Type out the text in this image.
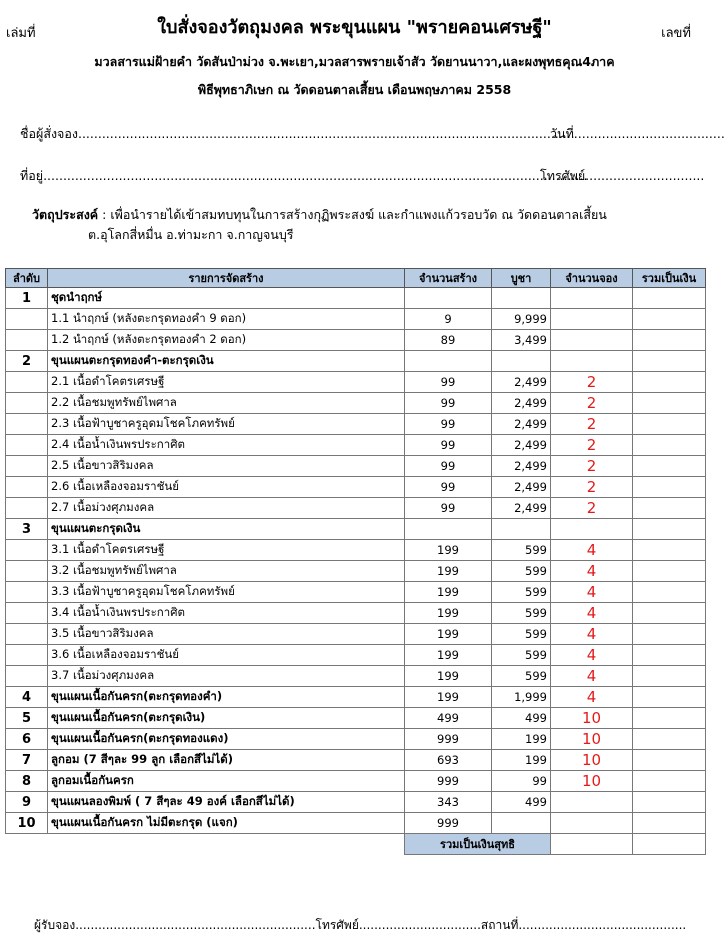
เล่มที่	เลขที่
ใบสั่งจองวัตถุมงคล พระขุนแผน "พรายคอนเศรษฐี"
มวลสารแม่ฝ้ายคำ วัดสันป่าม่วง จ.พะเยา,มวลสารพรายเจ้าสัว วัดยานนาวา,และผงพุทธคุณ4ภาค
พิธีพุทธาภิเษก ณ วัดดอนตาลเสี้ยน เดือนพฤษภาคม 2558
ชื่อผู้สั่งจอง.............................................................................................................................
วันที่......................................
ที่อยู่.........................................................................................................................................
โทรศัพย์..............................
วัตถุประสงค์ : เพื่อนำรายได้เข้าสมทบทุนในการสร้างกุฏิพระสงฆ์ และกำแพงแก้วรอบวัด ณ วัดดอนตาลเสี้ยน
ต.อุโลกสี่หมื่น อ.ท่ามะกา จ.กาญจนบุรี
ลำดับ	รายการจัดสร้าง	จำนวนสร้าง	บูชา	จำนวนจอง	รวมเป็นเงิน
1	ชุดนำฤกษ์				
	1.1 นำฤกษ์ (หลังตะกรุดทองคำ 9 ดอก)	9	9,999		
	1.2 นำฤกษ์ (หลังตะกรุดทองคำ 2 ดอก)	89	3,499		
2	ขุนแผนตะกรุดทองคำ-ตะกรุดเงิน				
	2.1 เนื้อดำโคตรเศรษฐี	99	2,499	2	
	2.2 เนื้อชมพูทรัพย์ไพศาล	99	2,499	2	
	2.3 เนื้อฟ้าบูชาครูอุดมโชคโภคทรัพย์	99	2,499	2	
	2.4 เนื้อน้ำเงินพรประกาศิต	99	2,499	2	
	2.5 เนื้อขาวสิริมงคล	99	2,499	2	
	2.6 เนื้อเหลืองจอมราชันย์	99	2,499	2	
	2.7 เนื้อม่วงศุภมงคล	99	2,499	2	
3	ขุนแผนตะกรุดเงิน				
	3.1 เนื้อดำโคตรเศรษฐี	199	599	4	
	3.2 เนื้อชมพูทรัพย์ไพศาล	199	599	4	
	3.3 เนื้อฟ้าบูชาครูอุดมโชคโภคทรัพย์	199	599	4	
	3.4 เนื้อน้ำเงินพรประกาศิต	199	599	4	
	3.5 เนื้อขาวสิริมงคล	199	599	4	
	3.6 เนื้อเหลืองจอมราชันย์	199	599	4	
	3.7 เนื้อม่วงศุภมงคล	199	599	4	
4	ขุนแผนเนื้อกันครก(ตะกรุดทองคำ)	199	1,999	4	
5	ขุนแผนเนื้อกันครก(ตะกรุดเงิน)	499	499	10	
6	ขุนแผนเนื้อกันครก(ตะกรุดทองแดง)	999	199	10	
7	ลูกอม (7 สีๆละ 99 ลูก เลือกสีไม่ได้)	693	199	10	
8	ลูกอมเนื้อกันครก	999	99	10	
9	ขุนแผนลองพิมพ์ ( 7 สีๆละ 49 องค์ เลือกสีไม่ได้)	343	499		
10	ขุนแผนเนื้อกันครก ไม่มีตะกรุด (แจก)	999			
		รวมเป็นเงินสุทธิ			
ผู้รับจอง...............................................................โทรศัพย์................................สถานที่............................................
